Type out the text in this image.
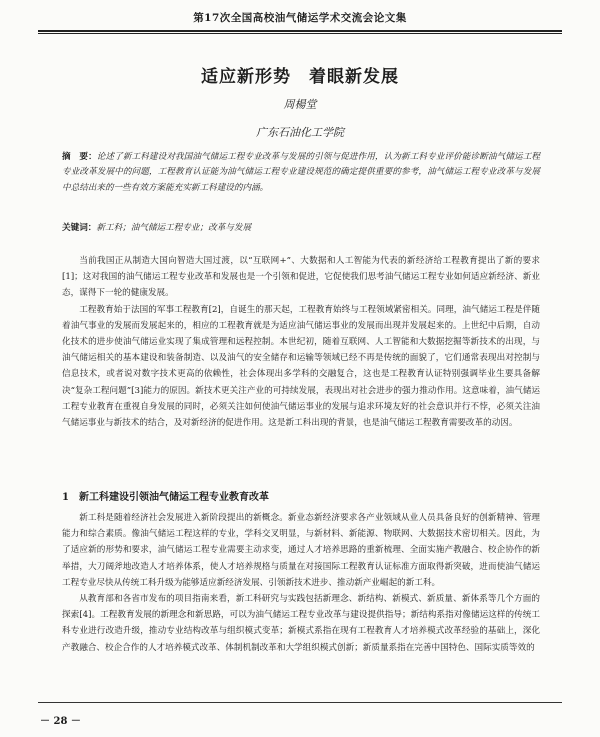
第17次全国高校油气储运学术交流会论文集
适应新形势　着眼新发展
周楊堂
广东石油化工学院
摘　要：论述了新工科建设对我国油气储运工程专业改革与发展的引领与促进作用，认为新工科专业评价能诊断油气储运工程专业改革发展中的问题，工程教育认证能为油气储运工程专业建设规范的确定提供重要的参考，油气储运工程专业改革与发展中总结出来的一些有效方案能充实新工科建设的内涵。
关键词：新工科；油气储运工程专业；改革与发展

当前我国正从制造大国向智造大国过渡，以“互联网+”、大数据和人工智能为代表的新经济给工程教育提出了新的要求[1]；这对我国的油气储运工程专业改革和发展也是一个引领和促进，它促使我们思考油气储运工程专业如何适应新经济、新业态，谋得下一轮的健康发展。

工程教育始于法国的军事工程教育[2]，自诞生的那天起，工程教育始终与工程领域紧密相关。同理，油气储运工程是伴随着油气事业的发展而发展起来的，相应的工程教育就是为适应油气储运事业的发展而出现并发展起来的。上世纪中后期，自动化技术的进步使油气储运业实现了集成管理和远程控制。本世纪初，随着互联网、人工智能和大数据挖掘等新技术的出现，与油气储运相关的基本建设和装备制造、以及油气的安全储存和运输等领域已经不再是传统的面貌了，它们通常表现出对控制与信息技术，或者说对数字技术更高的依赖性，社会体现出多学科的交融复合，这也是工程教育认证特别强调毕业生要具备解决“复杂工程问题”[3]能力的原因。新技术更关注产业的可持续发展，表现出对社会进步的强力推动作用。这意味着，油气储运工程专业教育在重视自身发展的同时，必须关注如何使油气储运事业的发展与追求环境友好的社会意识并行不悖，必须关注油气储运事业与新技术的结合，及对新经济的促进作用。这是新工科出现的背景，也是油气储运工程教育需要改革的动因。

1　新工科建设引领油气储运工程专业教育改革

新工科是随着经济社会发展进入新阶段提出的新概念。新业态新经济要求各产业领域从业人员具备良好的创新精神、管理能力和综合素质。像油气储运工程这样的专业，学科交叉明显，与新材料、新能源、物联网、大数据技术密切相关。因此，为了适应新的形势和要求，油气储运工程专业需要主动求变，通过人才培养思路的重新梳理、全面实施产教融合、校企协作的新举措，大刀阔斧地改造人才培养体系，使人才培养规格与质量在对接国际工程教育认证标准方面取得新突破，进而使油气储运工程专业尽快从传统工科升级为能够适应新经济发展、引领新技术进步、推动新产业崛起的新工科。

从教育部和各省市发布的项目指南来看，新工科研究与实践包括新理念、新结构、新模式、新质量、新体系等几个方面的探索[4]。工程教育发展的新理念和新思路，可以为油气储运工程专业改革与建设提供指导；新结构系指对像储运这样的传统工科专业进行改造升级，推动专业结构改革与组织模式变革；新模式系指在现有工程教育人才培养模式改革经验的基础上，深化产教融合、校企合作的人才培养模式改革、体制机制改革和大学组织模式创新；新质量系指在完善中国特色、国际实质等效的

－ 28 －
